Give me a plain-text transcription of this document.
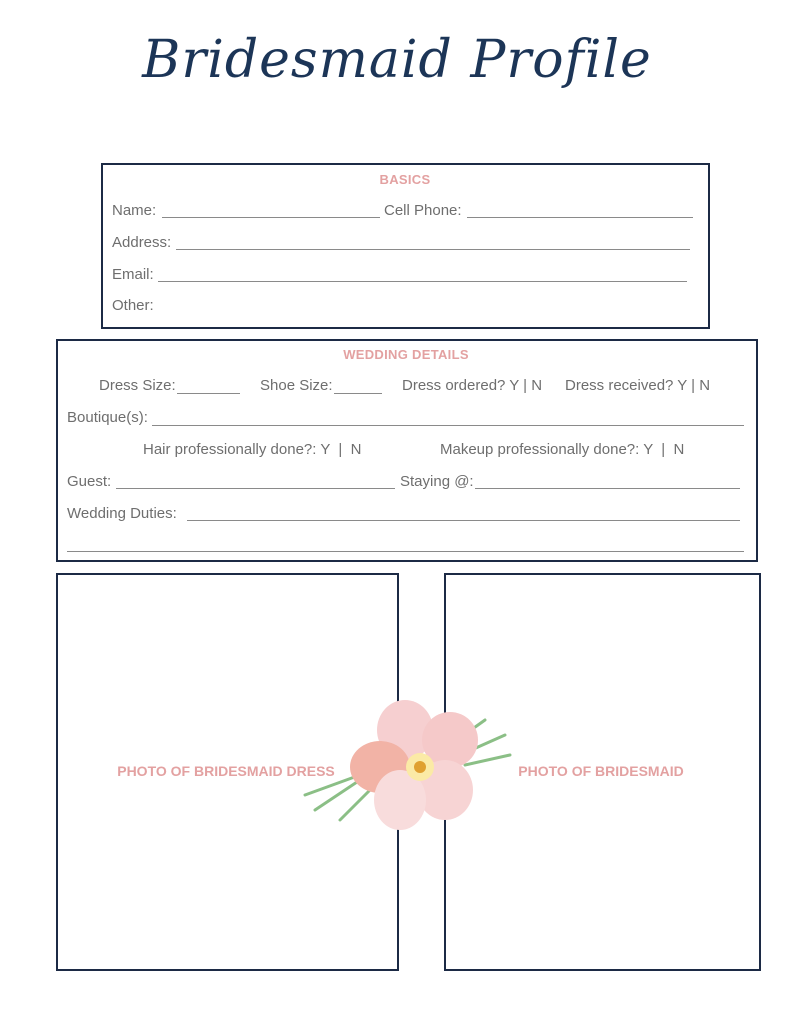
Bridesmaid Profile
BASICS
Name:	Cell Phone:
Address:
Email:
Other:
WEDDING DETAILS
Dress Size:	Shoe Size:	Dress ordered? Y | N Dress received? Y | N
Boutique(s):
Hair professionally done?: Y  |  N	Makeup professionally done?: Y  |  N
Guest:	Staying @:
Wedding Duties:
PHOTO OF BRIDESMAID DRESS	PHOTO OF BRIDESMAID
